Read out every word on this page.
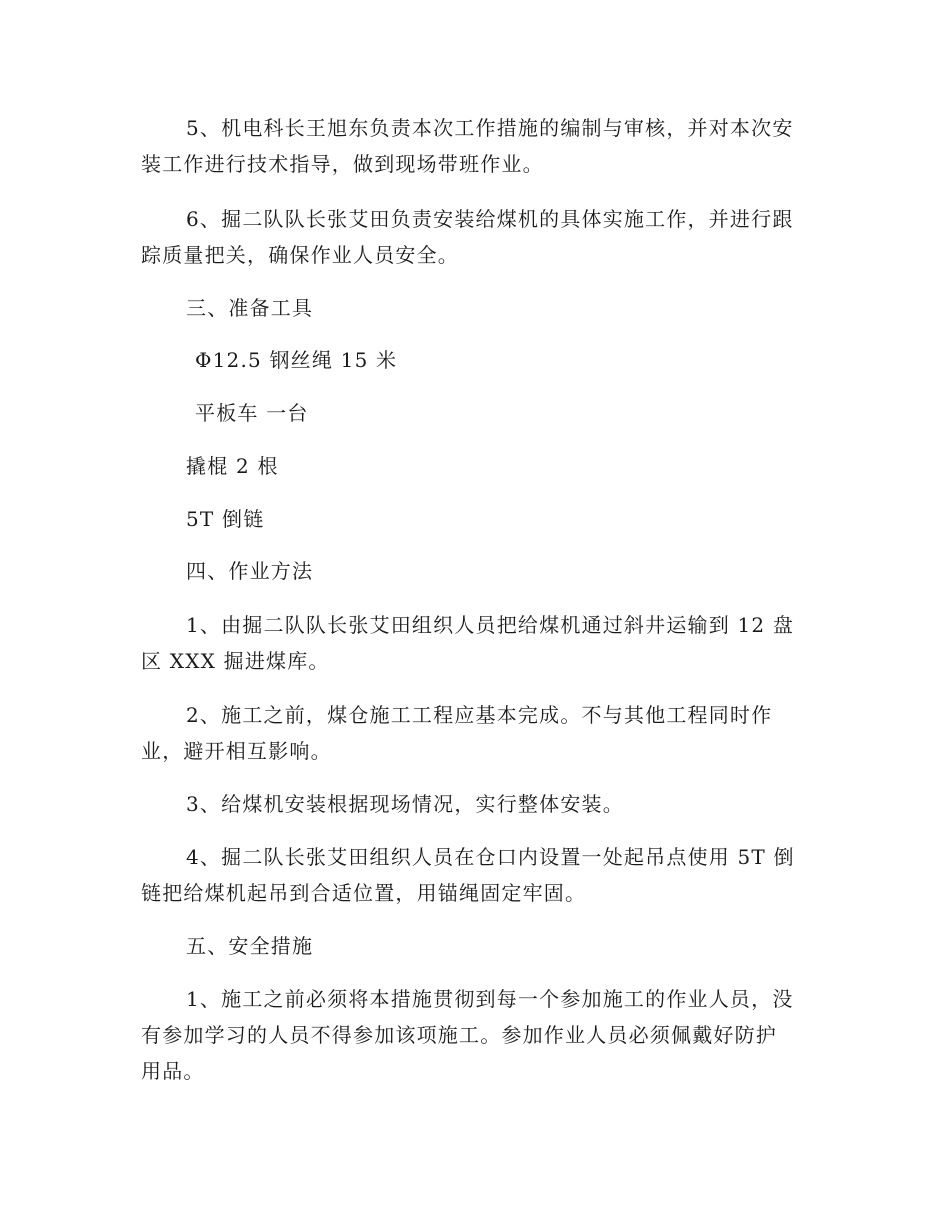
5、机电科长王旭东负责本次工作措施的编制与审核，并对本次安
装工作进行技术指导，做到现场带班作业。
6、掘二队队长张艾田负责安装给煤机的具体实施工作，并进行跟
踪质量把关，确保作业人员安全。
三、准备工具
Φ12.5 钢丝绳 15 米
平板车 一台
撬棍 2 根
5T 倒链
四、作业方法
1、由掘二队队长张艾田组织人员把给煤机通过斜井运输到 12 盘
区 XXX 掘进煤库。
2、施工之前，煤仓施工工程应基本完成。不与其他工程同时作
业，避开相互影响。
3、给煤机安装根据现场情况，实行整体安装。
4、掘二队长张艾田组织人员在仓口内设置一处起吊点使用 5T 倒
链把给煤机起吊到合适位置，用锚绳固定牢固。
五、安全措施
1、施工之前必须将本措施贯彻到每一个参加施工的作业人员，没
有参加学习的人员不得参加该项施工。参加作业人员必须佩戴好防护
用品。
